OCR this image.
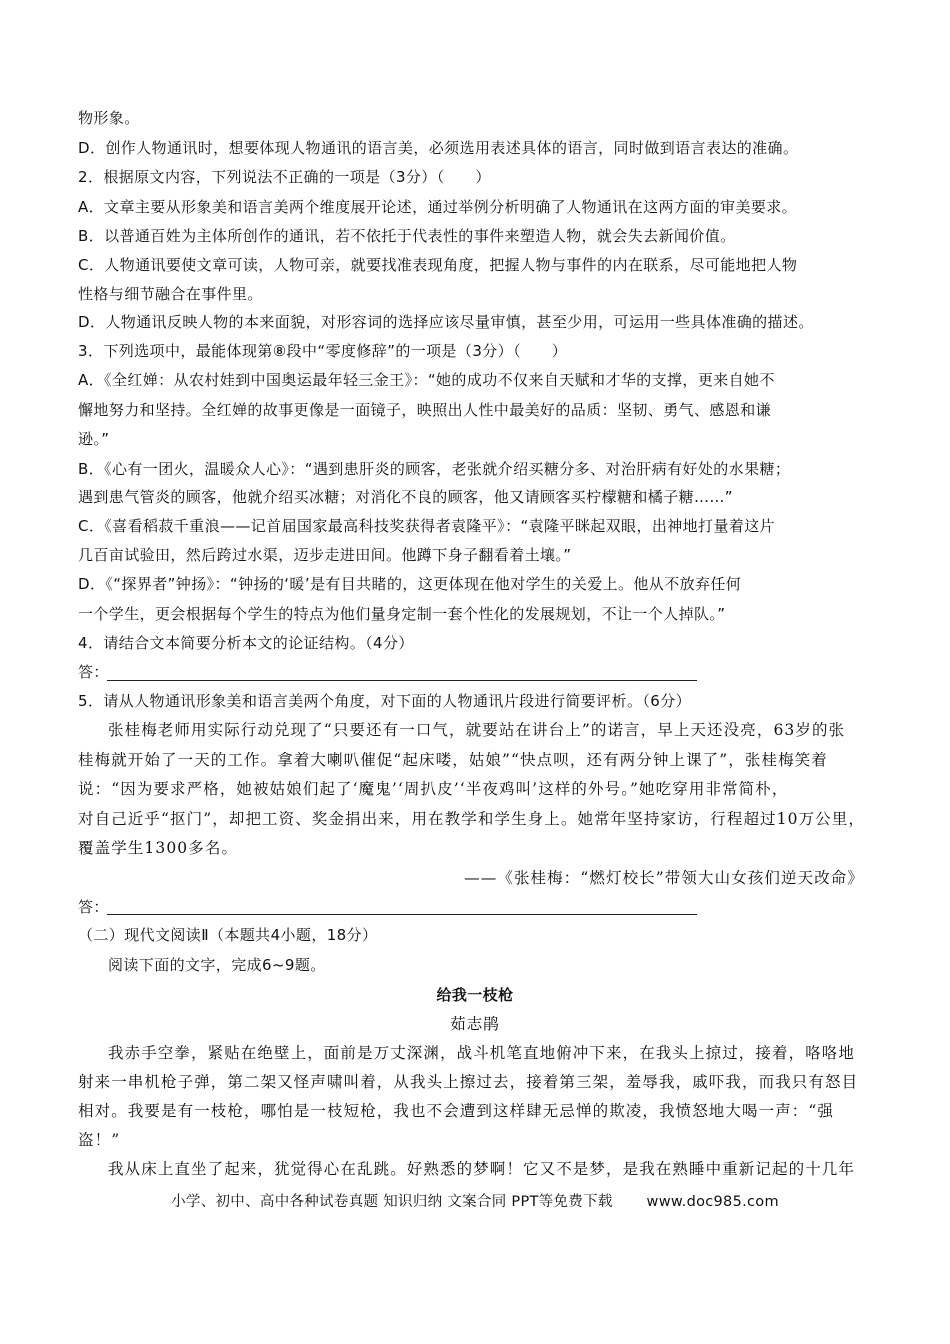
物形象。

D．创作人物通讯时，想要体现人物通讯的语言美，必须选用表述具体的语言，同时做到语言表达的准确。

2．根据原文内容，下列说法不正确的一项是（3分）（　　）

A．文章主要从形象美和语言美两个维度展开论述，通过举例分析明确了人物通讯在这两方面的审美要求。

B．以普通百姓为主体所创作的通讯，若不依托于代表性的事件来塑造人物，就会失去新闻价值。

C．人物通讯要使文章可读，人物可亲，就要找准表现角度，把握人物与事件的内在联系，尽可能地把人物

性格与细节融合在事件里。

D．人物通讯反映人物的本来面貌，对形容词的选择应该尽量审慎，甚至少用，可运用一些具体准确的描述。

3．下列选项中，最能体现第⑧段中“零度修辞”的一项是（3分）（　　）

A．《全红婵：从农村娃到中国奥运最年轻三金王》：“她的成功不仅来自天赋和才华的支撑，更来自她不

懈地努力和坚持。全红婵的故事更像是一面镜子，映照出人性中最美好的品质：坚韧、勇气、感恩和谦

逊。”

B．《心有一团火，温暖众人心》：“遇到患肝炎的顾客，老张就介绍买糖分多、对治肝病有好处的水果糖；

遇到患气管炎的顾客，他就介绍买冰糖；对消化不良的顾客，他又请顾客买柠檬糖和橘子糖……”

C．《喜看稻菽千重浪——记首届国家最高科技奖获得者袁隆平》：“袁隆平眯起双眼，出神地打量着这片

几百亩试验田，然后跨过水渠，迈步走进田间。他蹲下身子翻看着土壤。”

D．《“探界者”钟扬》：“钟扬的‘暖’是有目共睹的，这更体现在他对学生的关爱上。他从不放弃任何

一个学生，更会根据每个学生的特点为他们量身定制一套个性化的发展规划，不让一个人掉队。”

4．请结合文本简要分析本文的论证结构。（4分）

答：

5．请从人物通讯形象美和语言美两个角度，对下面的人物通讯片段进行简要评析。（6分）

张桂梅老师用实际行动兑现了“只要还有一口气，就要站在讲台上”的诺言，早上天还没亮，63岁的张

桂梅就开始了一天的工作。拿着大喇叭催促“起床喽，姑娘”“快点呗，还有两分钟上课了”，张桂梅笑着

说：“因为要求严格，她被姑娘们起了‘魔鬼’‘周扒皮’‘半夜鸡叫’这样的外号。”她吃穿用非常简朴，

对自己近乎“抠门”，却把工资、奖金捐出来，用在教学和学生身上。她常年坚持家访，行程超过10万公里，

覆盖学生1300多名。

——《张桂梅：“燃灯校长”带领大山女孩们逆天改命》

答：

（二）现代文阅读Ⅱ（本题共4小题，18分）

阅读下面的文字，完成6~9题。

给我一枝枪

茹志鹃

我赤手空拳，紧贴在绝壁上，面前是万丈深渊，战斗机笔直地俯冲下来，在我头上掠过，接着，咯咯地

射来一串机枪子弹，第二架又怪声啸叫着，从我头上擦过去，接着第三架，羞辱我，戚吓我，而我只有怒目

相对。我要是有一枝枪，哪怕是一枝短枪，我也不会遭到这样肆无忌惮的欺凌，我愤怒地大喝一声：“强

盗！”

我从床上直坐了起来，犹觉得心在乱跳。好熟悉的梦啊！它又不是梦，是我在熟睡中重新记起的十几年

小学、初中、高中各种试卷真题 知识归纳 文案合同 PPT等免费下载 www.doc985.com
